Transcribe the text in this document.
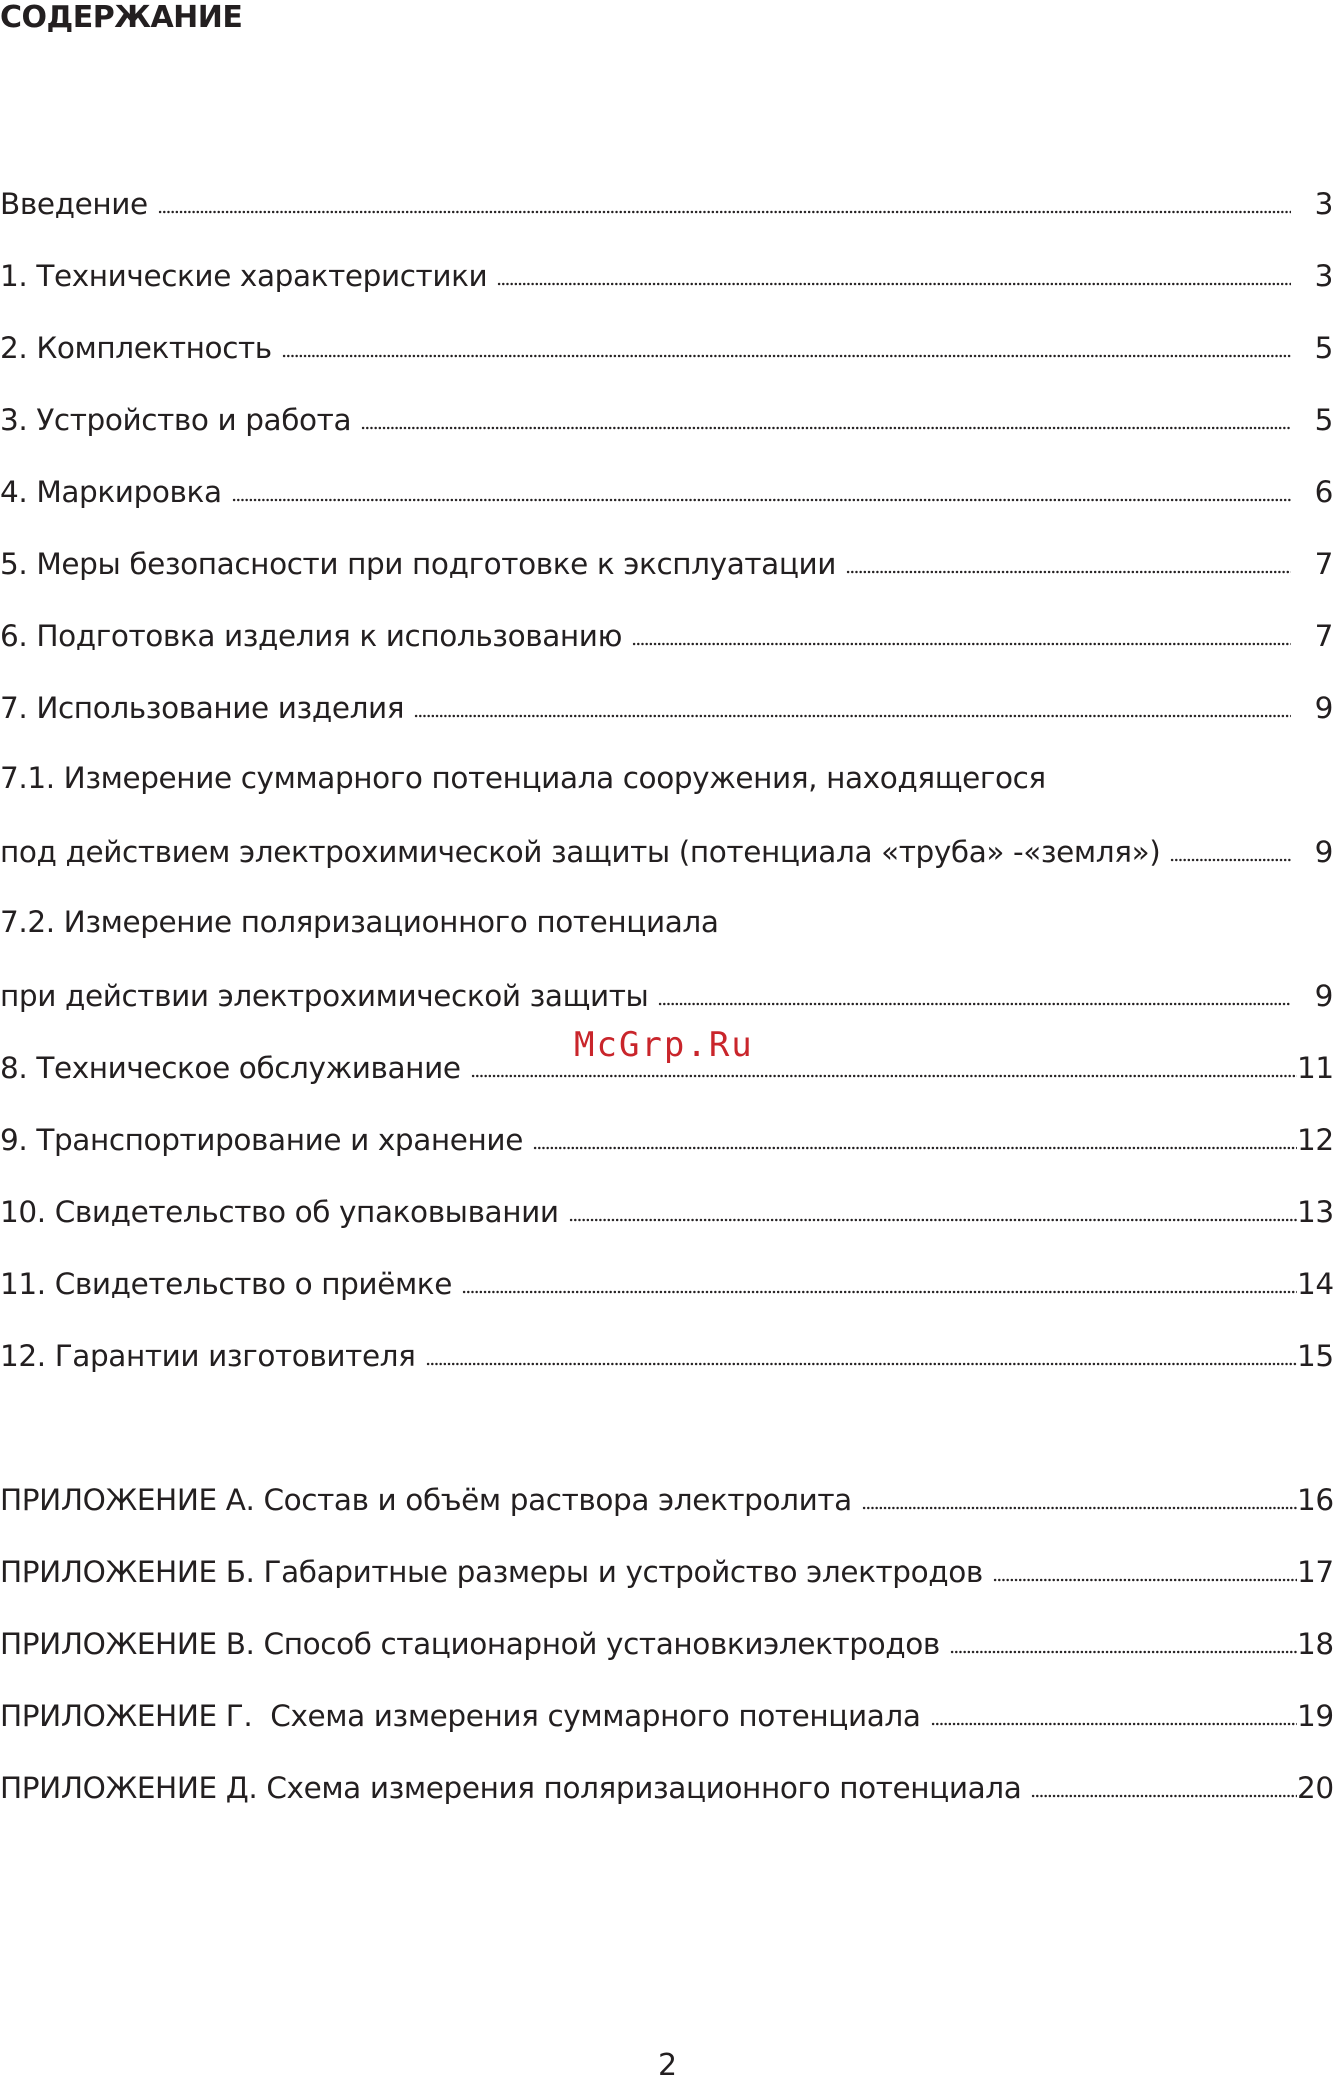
СОДЕРЖАНИЕ
Введение	3
1. Технические характеристики	3
2. Комплектность	5
3. Устройство и работа	5
4. Маркировка	6
5. Меры безопасности при подготовке к эксплуатации	7
6. Подготовка изделия к использованию	7
7. Использование изделия	9
7.1. Измерение суммарного потенциала сооружения, находящегося
под действием электрохимической защиты (потенциала «труба» -«земля»)	9
7.2. Измерение поляризационного потенциала
при действии электрохимической защиты	9
8. Техническое обслуживание	11
9. Транспортирование и хранение	12
10. Свидетельство об упаковывании	13
11. Свидетельство о приёмке	14
12. Гарантии изготовителя	15
ПРИЛОЖЕНИЕ А. Состав и объём раствора электролита	16
ПРИЛОЖЕНИЕ Б. Габаритные размеры и устройство электродов	17
ПРИЛОЖЕНИЕ В. Способ стационарной установкиэлектродов	18
ПРИЛОЖЕНИЕ Г.  Схема измерения суммарного потенциала	19
ПРИЛОЖЕНИЕ Д. Схема измерения поляризационного потенциала	20
McGrp.Ru
2
